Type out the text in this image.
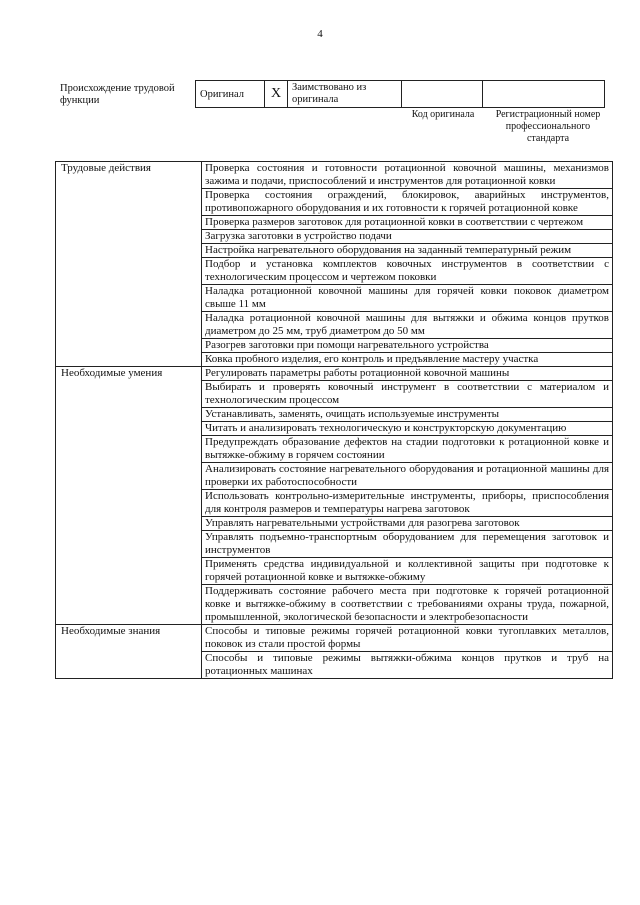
4
Происхождение трудовой функции
Оригинал	X	Заимствовано из оригинала		
Код оригинала	Регистрационный номер профессионального стандарта
Трудовые действия	Проверка состояния и готовности ротационной ковочной машины, механизмов зажима и подачи, приспособлений и инструментов для ротационной ковки
	Проверка состояния ограждений, блокировок, аварийных инструментов, противопожарного оборудования и их готовности к горячей ротационной ковке
	Проверка размеров заготовок для ротационной ковки в соответствии с чертежом
	Загрузка заготовки в устройство подачи
	Настройка нагревательного оборудования на заданный температурный режим
	Подбор и установка комплектов ковочных инструментов в соответствии с технологическим процессом и чертежом поковки
	Наладка ротационной ковочной машины для горячей ковки поковок диаметром свыше 11 мм
	Наладка ротационной ковочной машины для вытяжки и обжима концов прутков диаметром до 25 мм, труб диаметром до 50 мм
	Разогрев заготовки при помощи нагревательного устройства
	Ковка пробного изделия, его контроль и предъявление мастеру участка
Необходимые умения	Регулировать параметры работы ротационной ковочной машины
	Выбирать и проверять ковочный инструмент в соответствии с материалом и технологическим процессом
	Устанавливать, заменять, очищать используемые инструменты
	Читать и анализировать технологическую и конструкторскую документацию
	Предупреждать образование дефектов на стадии подготовки к ротационной ковке и вытяжке-обжиму в горячем состоянии
	Анализировать состояние нагревательного оборудования и ротационной машины для проверки их работоспособности
	Использовать контрольно-измерительные инструменты, приборы, приспособления для контроля размеров и температуры нагрева заготовок
	Управлять нагревательными устройствами для разогрева заготовок
	Управлять подъемно-транспортным оборудованием для перемещения заготовок и инструментов
	Применять средства индивидуальной и коллективной защиты при подготовке к горячей ротационной ковке и вытяжке-обжиму
	Поддерживать состояние рабочего места при подготовке к горячей ротационной ковке и вытяжке-обжиму в соответствии с требованиями охраны труда, пожарной, промышленной, экологической безопасности и электробезопасности
Необходимые знания	Способы и типовые режимы горячей ротационной ковки тугоплавких металлов, поковок из стали простой формы
	Способы и типовые режимы вытяжки-обжима концов прутков и труб на ротационных машинах
